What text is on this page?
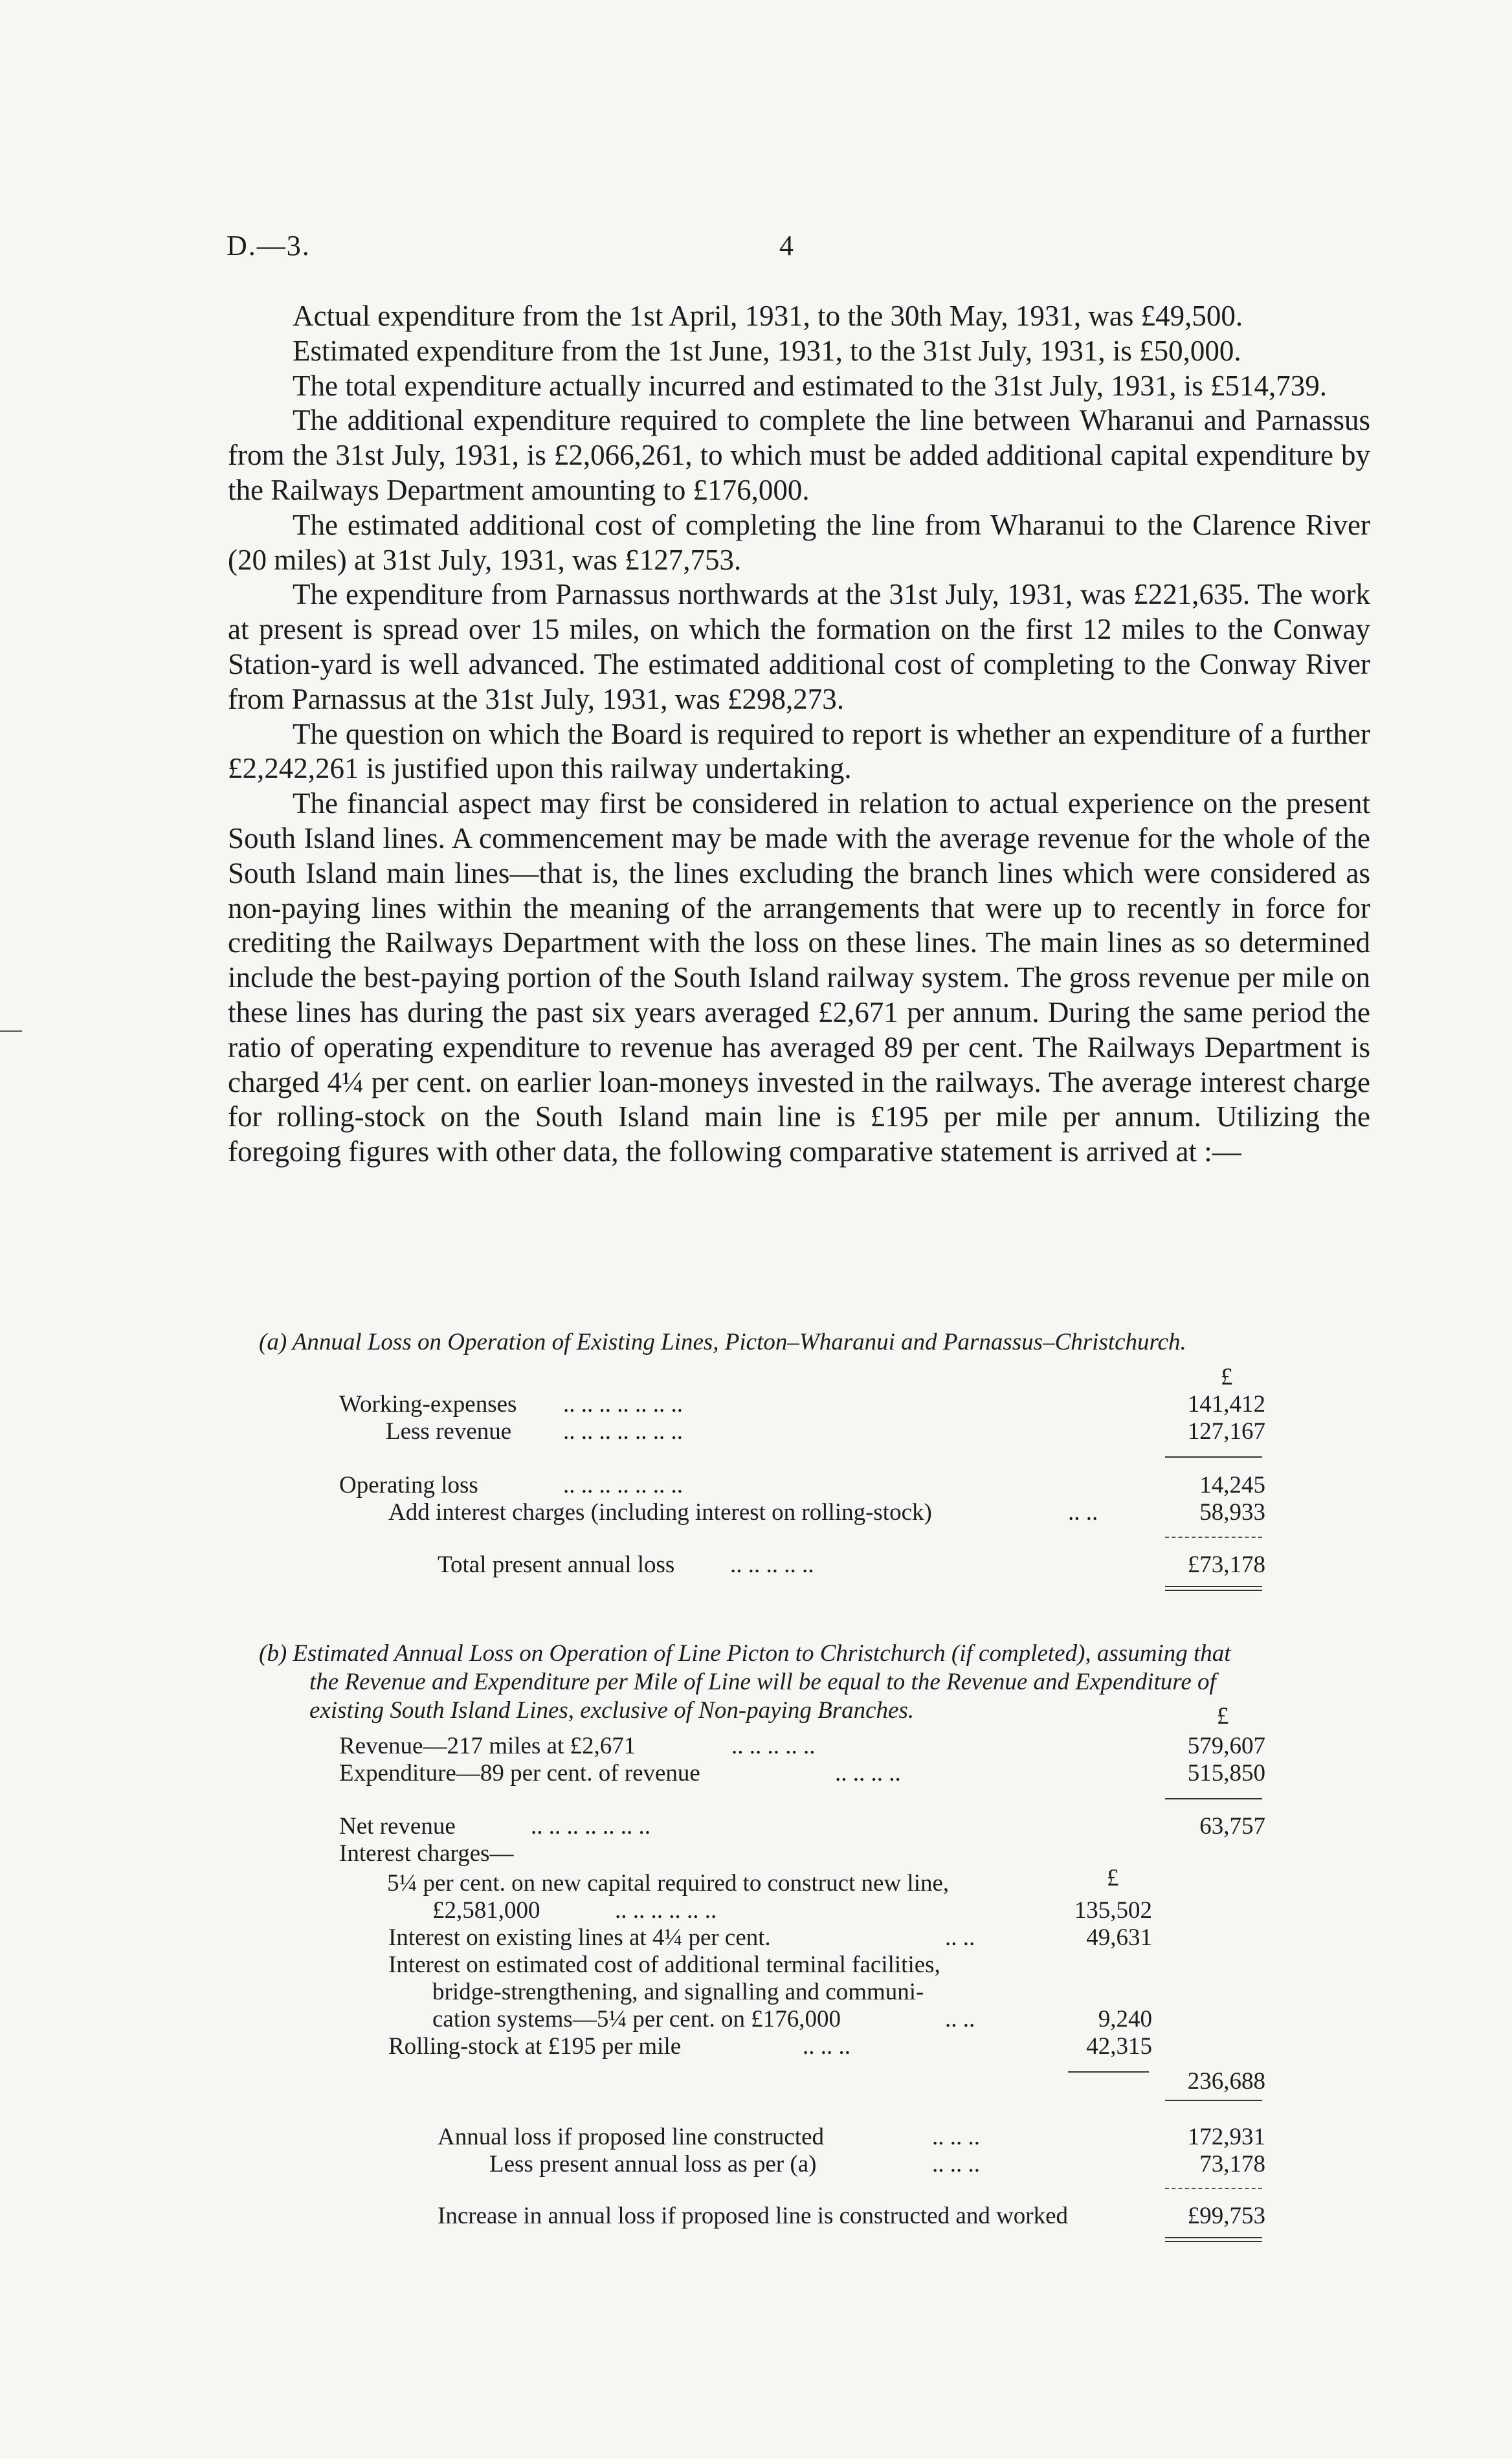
D.—3.	4

Actual expenditure from the 1st April, 1931, to the 30th May, 1931, was £49,500.

Estimated expenditure from the 1st June, 1931, to the 31st July, 1931, is £50,000.

The total expenditure actually incurred and estimated to the 31st July, 1931, is £514,739.

The additional expenditure required to complete the line between Wharanui and Parnassus from the 31st July, 1931, is £2,066,261, to which must be added additional capital expenditure by the Railways Department amounting to £176,000.

The estimated additional cost of completing the line from Wharanui to the Clarence River (20 miles) at 31st July, 1931, was £127,753.

The expenditure from Parnassus northwards at the 31st July, 1931, was £221,635. The work at present is spread over 15 miles, on which the formation on the first 12 miles to the Conway Station-yard is well advanced. The estimated additional cost of completing to the Conway River from Parnassus at the 31st July, 1931, was £298,273.

The question on which the Board is required to report is whether an expenditure of a further £2,242,261 is justified upon this railway undertaking.

The financial aspect may first be considered in relation to actual experience on the present South Island lines. A commencement may be made with the average revenue for the whole of the South Island main lines—that is, the lines excluding the branch lines which were considered as non-paying lines within the meaning of the arrangements that were up to recently in force for crediting the Railways Department with the loss on these lines. The main lines as so determined include the best-paying portion of the South Island railway system. The gross revenue per mile on these lines has during the past six years averaged £2,671 per annum. During the same period the ratio of operating expenditure to revenue has averaged 89 per cent. The Railways Department is charged 4¼ per cent. on earlier loan-moneys invested in the railways. The average interest charge for rolling-stock on the South Island main line is £195 per mile per annum. Utilizing the foregoing figures with other data, the following comparative statement is arrived at :—

(a) Annual Loss on Operation of Existing Lines, Picton–Wharanui and Parnassus–Christchurch.
£
Working-expenses .. .. .. .. .. .. ..	141,412
Less revenue .. .. .. .. .. .. ..	127,167
Operating loss	.. .. .. .. .. .. ..	14,245
Add interest charges (including interest on rolling-stock)	.. ..	58,933
Total present annual loss .. .. .. .. ..	£73,178
(b) Estimated Annual Loss on Operation of Line Picton to Christchurch (if completed), assuming that
the Revenue and Expenditure per Mile of Line will be equal to the Revenue and Expenditure of
existing South Island Lines, exclusive of Non-paying Branches.	£
Revenue—217 miles at £2,671	.. .. .. .. ..	579,607
Expenditure—89 per cent. of revenue	.. .. .. ..	515,850
Net revenue	.. .. .. .. .. .. ..	63,757
Interest charges—
£
5¼ per cent. on new capital required to construct new line,
£2,581,000	.. .. .. .. .. ..	135,502
Interest on existing lines at 4¼ per cent.	.. ..	49,631
Interest on estimated cost of additional terminal facilities,
bridge-strengthening, and signalling and communi-
cation systems—5¼ per cent. on £176,000	.. ..	9,240
Rolling-stock at £195 per mile	.. .. ..	42,315
236,688
Annual loss if proposed line constructed	.. .. ..	172,931
Less present annual loss as per (a)	.. .. ..	73,178
Increase in annual loss if proposed line is constructed and worked	£99,753
